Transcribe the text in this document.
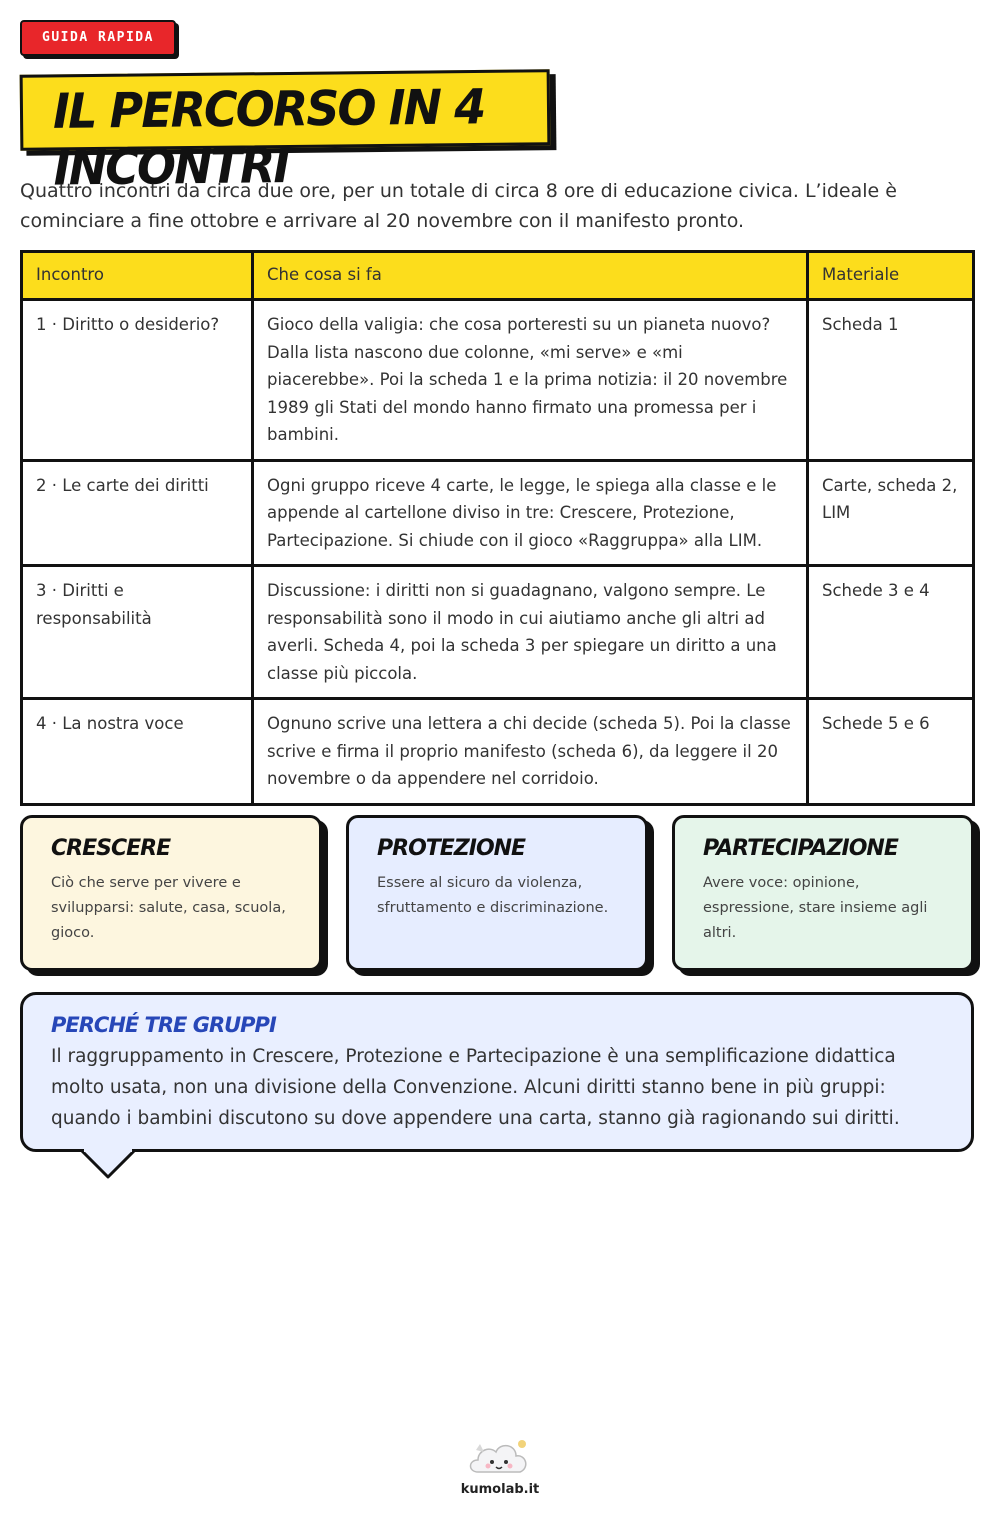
GUIDA RAPIDA
IL PERCORSO IN 4 INCONTRI
Quattro incontri da circa due ore, per un totale di circa 8 ore di educazione civica. L’ideale è cominciare a fine ottobre e arrivare al 20 novembre con il manifesto pronto.
Incontro	Che cosa si fa	Materiale
1 · Diritto o desiderio?	Gioco della valigia: che cosa porteresti su un pianeta nuovo? Dalla lista nascono due colonne, «mi serve» e «mi piacerebbe». Poi la scheda 1 e la prima notizia: il 20 novembre 1989 gli Stati del mondo hanno firmato una promessa per i bambini.	Scheda 1
2 · Le carte dei diritti	Ogni gruppo riceve 4 carte, le legge, le spiega alla classe e le appende al cartellone diviso in tre: Crescere, Protezione, Partecipazione. Si chiude con il gioco «Raggruppa» alla LIM.	Carte, scheda 2, LIM
3 · Diritti e responsabilità	Discussione: i diritti non si guadagnano, valgono sempre. Le responsabilità sono il modo in cui aiutiamo anche gli altri ad averli. Scheda 4, poi la scheda 3 per spiegare un diritto a una classe più piccola.	Schede 3 e 4
4 · La nostra voce	Ognuno scrive una lettera a chi decide (scheda 5). Poi la classe scrive e firma il proprio manifesto (scheda 6), da leggere il 20 novembre o da appendere nel corridoio.	Schede 5 e 6
CRESCERE

Ciò che serve per vivere e svilupparsi: salute, casa, scuola, gioco.

PROTEZIONE

Essere al sicuro da violenza, sfruttamento e discriminazione.

PARTECIPAZIONE

Avere voce: opinione, espressione, stare insieme agli altri.

PERCHÉ TRE GRUPPI

Il raggruppamento in Crescere, Protezione e Partecipazione è una semplificazione didattica molto usata, non una divisione della Convenzione. Alcuni diritti stanno bene in più gruppi: quando i bambini discutono su dove appendere una carta, stanno già ragionando sui diritti.

kumolab.it
